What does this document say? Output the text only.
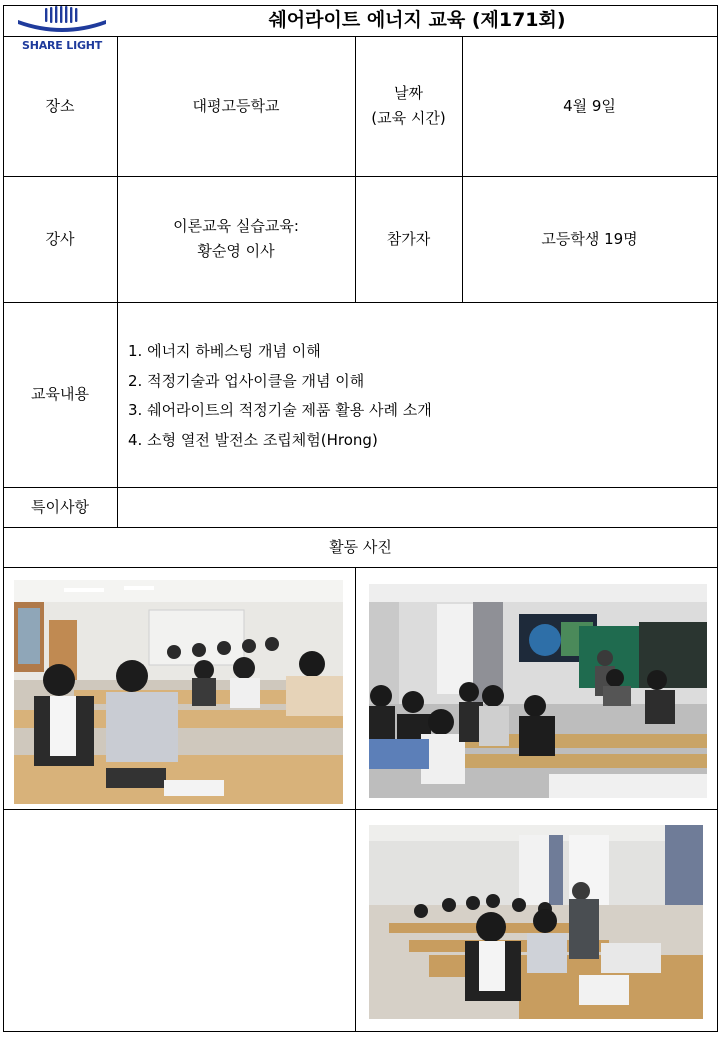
SHARE LIGHT
쉐어라이트 에너지 교육 (제171회)
장소	대평고등학교
날짜
(교육 시간)
4월 9일
강사
이론교육 실습교육:
황순영 이사
참가자	고등학생 19명
교육내용
1. 에너지 하베스팅 개념 이해
2. 적정기술과 업사이클을 개념 이해
3. 쉐어라이트의 적정기술 제품 활용 사례 소개
4. 소형 열전 발전소 조립체험(Hrong)
특이사항
활동 사진
